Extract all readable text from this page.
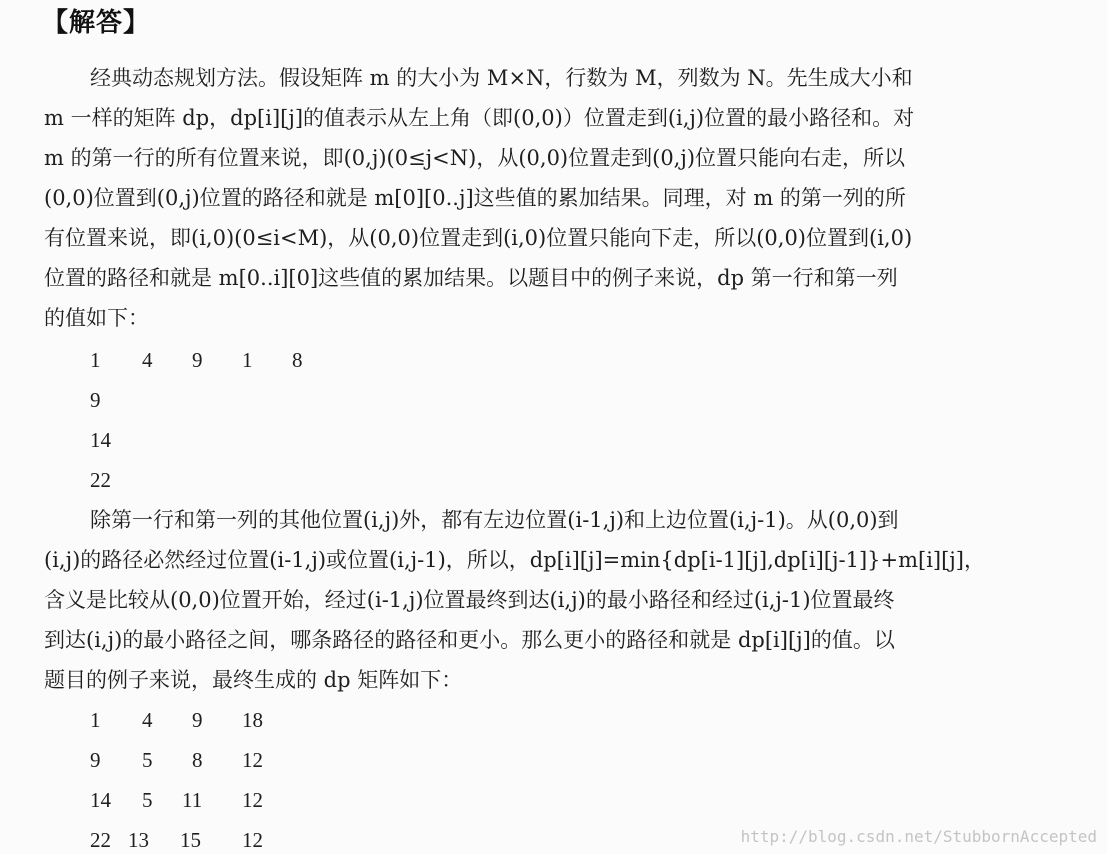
【解答】
经典动态规划方法。假设矩阵 m 的大小为 M×N，行数为 M，列数为 N。先生成大小和
m 一样的矩阵 dp，dp[i][j]的值表示从左上角（即(0,0)）位置走到(i,j)位置的最小路径和。对
m 的第一行的所有位置来说，即(0,j)(0≤j<N)，从(0,0)位置走到(0,j)位置只能向右走，所以
(0,0)位置到(0,j)位置的路径和就是 m[0][0..j]这些值的累加结果。同理，对 m 的第一列的所
有位置来说，即(i,0)(0≤i<M)，从(0,0)位置走到(i,0)位置只能向下走，所以(0,0)位置到(i,0)
位置的路径和就是 m[0..i][0]这些值的累加结果。以题目中的例子来说，dp 第一行和第一列
的值如下：
1 4 9 1 8
9
14
22
除第一行和第一列的其他位置(i,j)外，都有左边位置(i-1,j)和上边位置(i,j-1)。从(0,0)到
(i,j)的路径必然经过位置(i-1,j)或位置(i,j-1)，所以，dp[i][j]=min{dp[i-1][j],dp[i][j-1]}+m[i][j]，
含义是比较从(0,0)位置开始，经过(i-1,j)位置最终到达(i,j)的最小路径和经过(i,j-1)位置最终
到达(i,j)的最小路径之间，哪条路径的路径和更小。那么更小的路径和就是 dp[i][j]的值。以
题目的例子来说，最终生成的 dp 矩阵如下：
1 4 9 18
9 5 8 12
14 5 11 12
22 13 15 12	http://blog.csdn.net/StubbornAccepted
